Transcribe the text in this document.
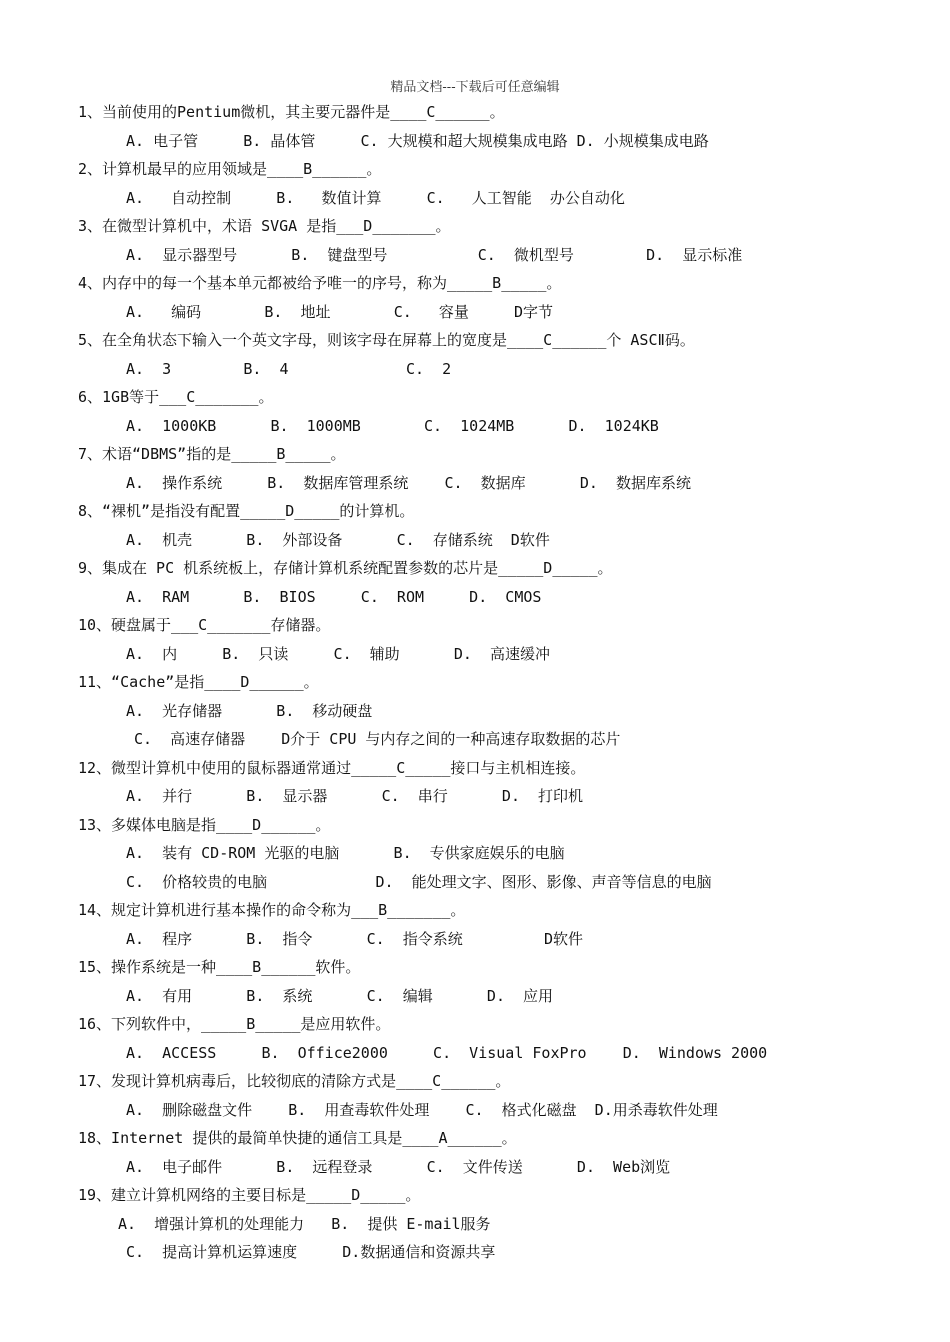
精品文档---下载后可任意编辑
1、当前使用的Pentium微机，其主要元器件是____C______。
A. 电子管     B. 晶体管     C. 大规模和超大规模集成电路 D. 小规模集成电路
2、计算机最早的应用领域是____B______。
A.   自动控制     B.   数值计算     C.   人工智能  办公自动化
3、在微型计算机中，术语 SVGA 是指___D_______。
A.  显示器型号      B.  键盘型号          C.  微机型号        D.  显示标准
4、内存中的每一个基本单元都被给予唯一的序号，称为_____B_____。
A.   编码       B.  地址       C.   容量     D字节
5、在全角状态下输入一个英文字母，则该字母在屏幕上的宽度是____C______个 ASCⅡ码。
A.  3        B.  4             C.  2
6、1GB等于___C_______。
A.  1000KB      B.  1000MB       C.  1024MB      D.  1024KB
7、术语“DBMS”指的是_____B_____。
A.  操作系统     B.  数据库管理系统    C.  数据库      D.  数据库系统
8、“裸机”是指没有配置_____D_____的计算机。
A.  机壳      B.  外部设备      C.  存储系统  D软件
9、集成在 PC 机系统板上，存储计算机系统配置参数的芯片是_____D_____。
A.  RAM      B.  BIOS     C.  ROM     D.  CMOS
10、硬盘属于___C_______存储器。
A.  内     B.  只读     C.  辅助      D.  高速缓冲
11、“Cache”是指____D______。
A.  光存储器      B.  移动硬盘
C.  高速存储器    D介于 CPU 与内存之间的一种高速存取数据的芯片
12、微型计算机中使用的鼠标器通常通过_____C_____接口与主机相连接。
A.  并行      B.  显示器      C.  串行      D.  打印机
13、多媒体电脑是指____D______。
A.  装有 CD-ROM 光驱的电脑      B.  专供家庭娱乐的电脑
C.  价格较贵的电脑            D.  能处理文字、图形、影像、声音等信息的电脑
14、规定计算机进行基本操作的命令称为___B_______。
A.  程序      B.  指令      C.  指令系统         D软件
15、操作系统是一种____B______软件。
A.  有用      B.  系统      C.  编辑      D.  应用
16、下列软件中，_____B_____是应用软件。
A.  ACCESS     B.  Office2000     C.  Visual FoxPro    D.  Windows 2000
17、发现计算机病毒后，比较彻底的清除方式是____C______。
A.  删除磁盘文件    B.  用查毒软件处理    C.  格式化磁盘  D.用杀毒软件处理
18、Internet 提供的最简单快捷的通信工具是____A______。
A.  电子邮件      B.  远程登录      C.  文件传送      D.  Web浏览
19、建立计算机网络的主要目标是_____D_____。
A.  增强计算机的处理能力   B.  提供 E-mail服务
C.  提高计算机运算速度     D.数据通信和资源共享
